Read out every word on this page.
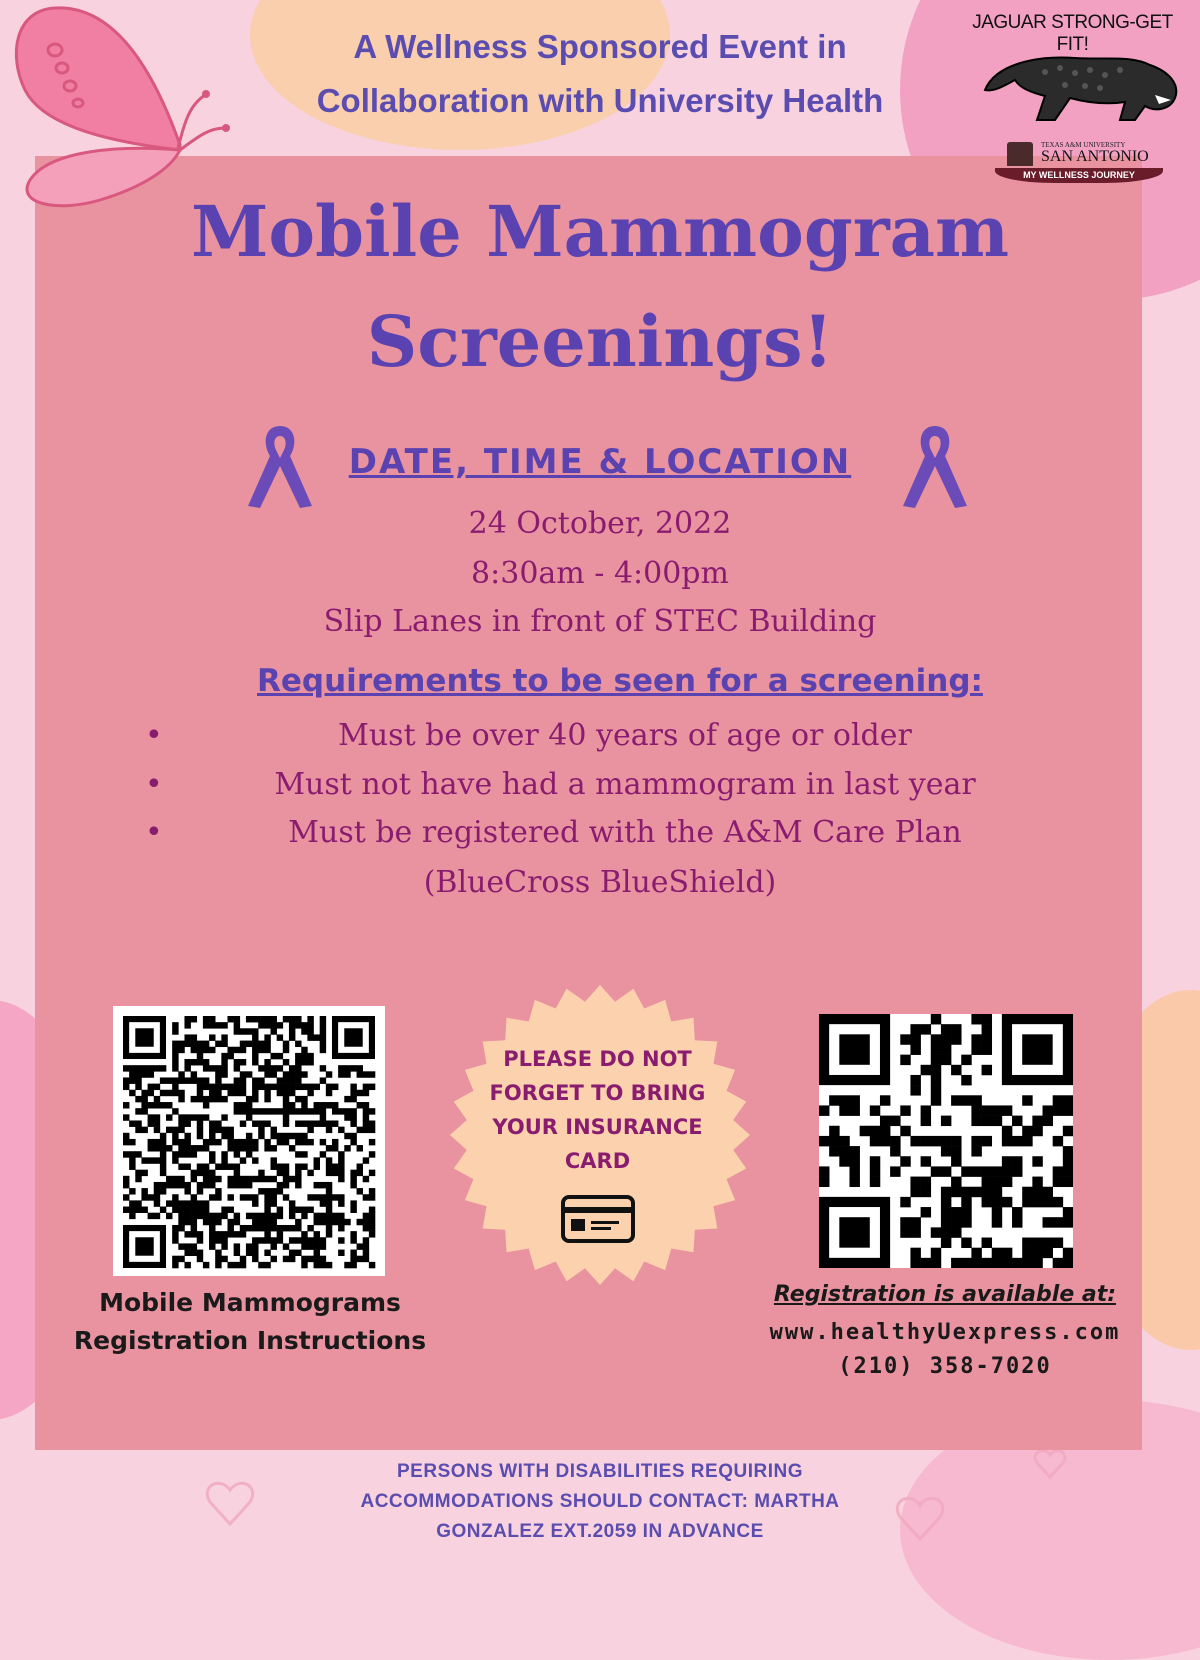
A Wellness Sponsored Event in
Collaboration with University Health
JAGUAR STRONG-GET FIT!
TEXAS A&M UNIVERSITY
SAN ANTONIO
MY WELLNESS JOURNEY
Mobile Mammogram
Screenings!
DATE, TIME & LOCATION
24 October, 2022
8:30am - 4:00pm
Slip Lanes in front of STEC Building
Requirements to be seen for a screening:
•	Must be over 40 years of age or older
•	Must not have had a mammogram in last year
•	Must be registered with the A&M Care Plan
(BlueCross BlueShield)
Mobile Mammograms
Registration Instructions
PLEASE DO NOT
FORGET TO BRING
YOUR INSURANCE
CARD
Registration is available at:
www.healthyUexpress.com
(210) 358-7020
PERSONS WITH DISABILITIES REQUIRING
ACCOMMODATIONS SHOULD CONTACT: MARTHA
GONZALEZ EXT.2059 IN ADVANCE
